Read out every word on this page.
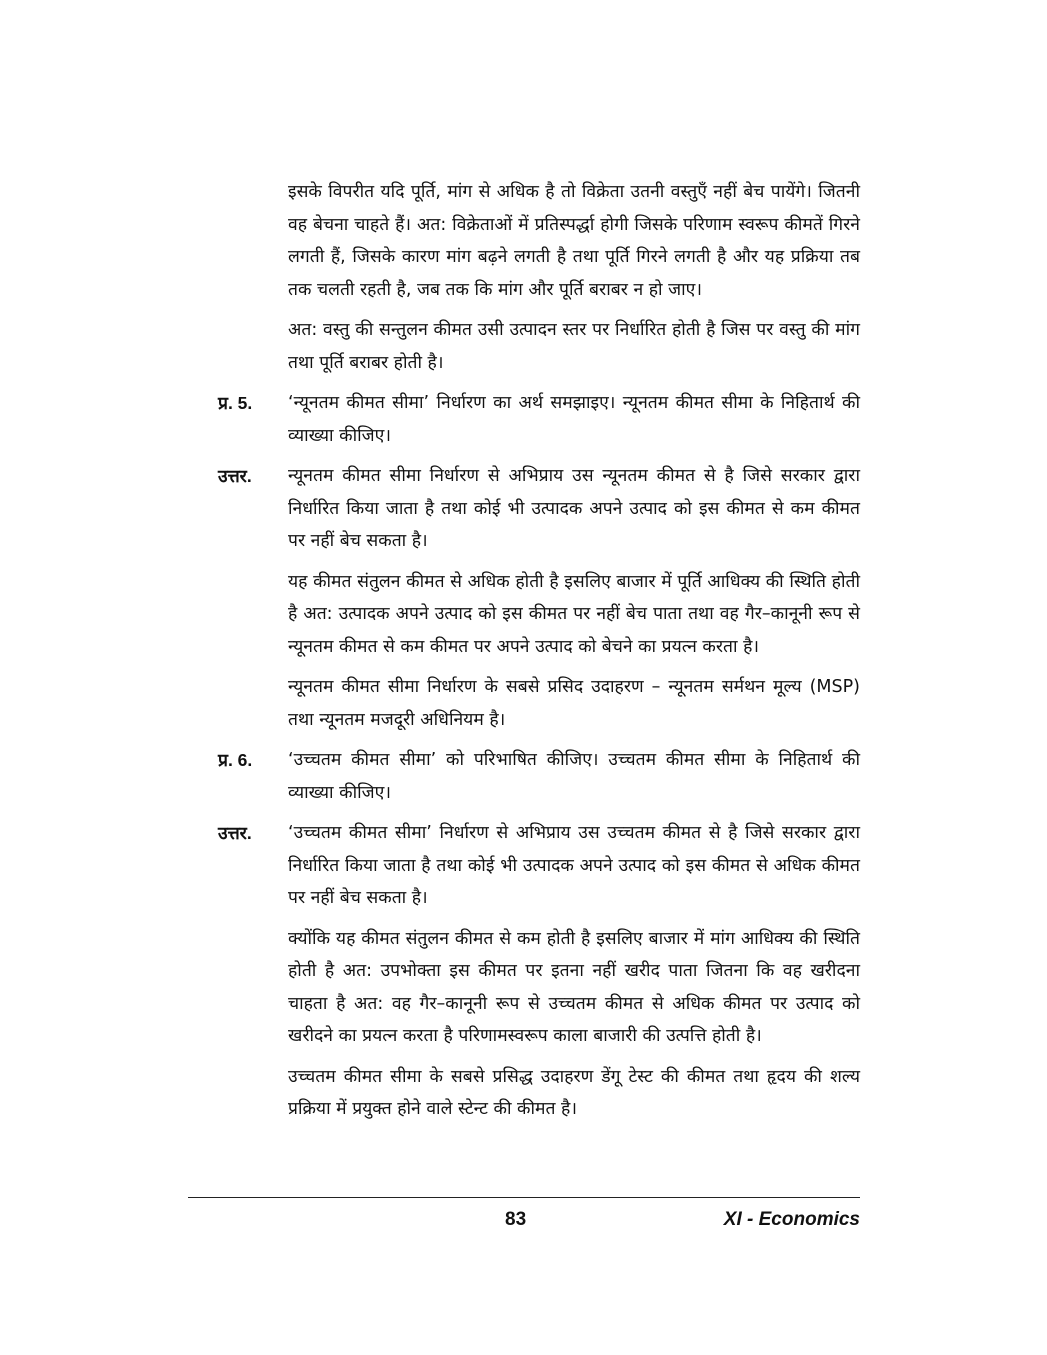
इसके विपरीत यदि पूर्ति, मांग से अधिक है तो विक्रेता उतनी वस्तुएँ नहीं बेच पायेंगे। जितनी वह बेचना चाहते हैं। अत: विक्रेताओं में प्रतिस्पर्द्धा होगी जिसके परिणाम स्वरूप कीमतें गिरने लगती हैं, जिसके कारण मांग बढ़ने लगती है तथा पूर्ति गिरने लगती है और यह प्रक्रिया तब तक चलती रहती है, जब तक कि मांग और पूर्ति बराबर न हो जाए।

अत: वस्तु की सन्तुलन कीमत उसी उत्पादन स्तर पर निर्धारित होती है जिस पर वस्तु की मांग तथा पूर्ति बराबर होती है।

प्र. 5.	‘न्यूनतम कीमत सीमा’ निर्धारण का अर्थ समझाइए। न्यूनतम कीमत सीमा के निहितार्थ की व्याख्या कीजिए।

उत्तर.	न्यूनतम कीमत सीमा निर्धारण से अभिप्राय उस न्यूनतम कीमत से है जिसे सरकार द्वारा निर्धारित किया जाता है तथा कोई भी उत्पादक अपने उत्पाद को इस कीमत से कम कीमत पर नहीं बेच सकता है।

यह कीमत संतुलन कीमत से अधिक होती है इसलिए बाजार में पूर्ति आधिक्य की स्थिति होती है अत: उत्पादक अपने उत्पाद को इस कीमत पर नहीं बेच पाता तथा वह गैर–कानूनी रूप से न्यूनतम कीमत से कम कीमत पर अपने उत्पाद को बेचने का प्रयत्न करता है।

न्यूनतम कीमत सीमा निर्धारण के सबसे प्रसिद उदाहरण – न्यूनतम सर्मथन मूल्य (MSP) तथा न्यूनतम मजदूरी अधिनियम है।

प्र. 6.	‘उच्चतम कीमत सीमा’ को परिभाषित कीजिए। उच्चतम कीमत सीमा के निहितार्थ की व्याख्या कीजिए।

उत्तर.	‘उच्चतम कीमत सीमा’ निर्धारण से अभिप्राय उस उच्चतम कीमत से है जिसे सरकार द्वारा निर्धारित किया जाता है तथा कोई भी उत्पादक अपने उत्पाद को इस कीमत से अधिक कीमत पर नहीं बेच सकता है।

क्योंकि यह कीमत संतुलन कीमत से कम होती है इसलिए बाजार में मांग आधिक्य की स्थिति होती है अत: उपभोक्ता इस कीमत पर इतना नहीं खरीद पाता जितना कि वह खरीदना चाहता है अत: वह गैर–कानूनी रूप से उच्चतम कीमत से अधिक कीमत पर उत्पाद को खरीदने का प्रयत्न करता है परिणामस्वरूप काला बाजारी की उत्पत्ति होती है।

उच्चतम कीमत सीमा के सबसे प्रसिद्ध उदाहरण डेंगू टेस्ट की कीमत तथा हृदय की शल्य प्रक्रिया में प्रयुक्त होने वाले स्टेन्ट की कीमत है।

83	XI - Economics
